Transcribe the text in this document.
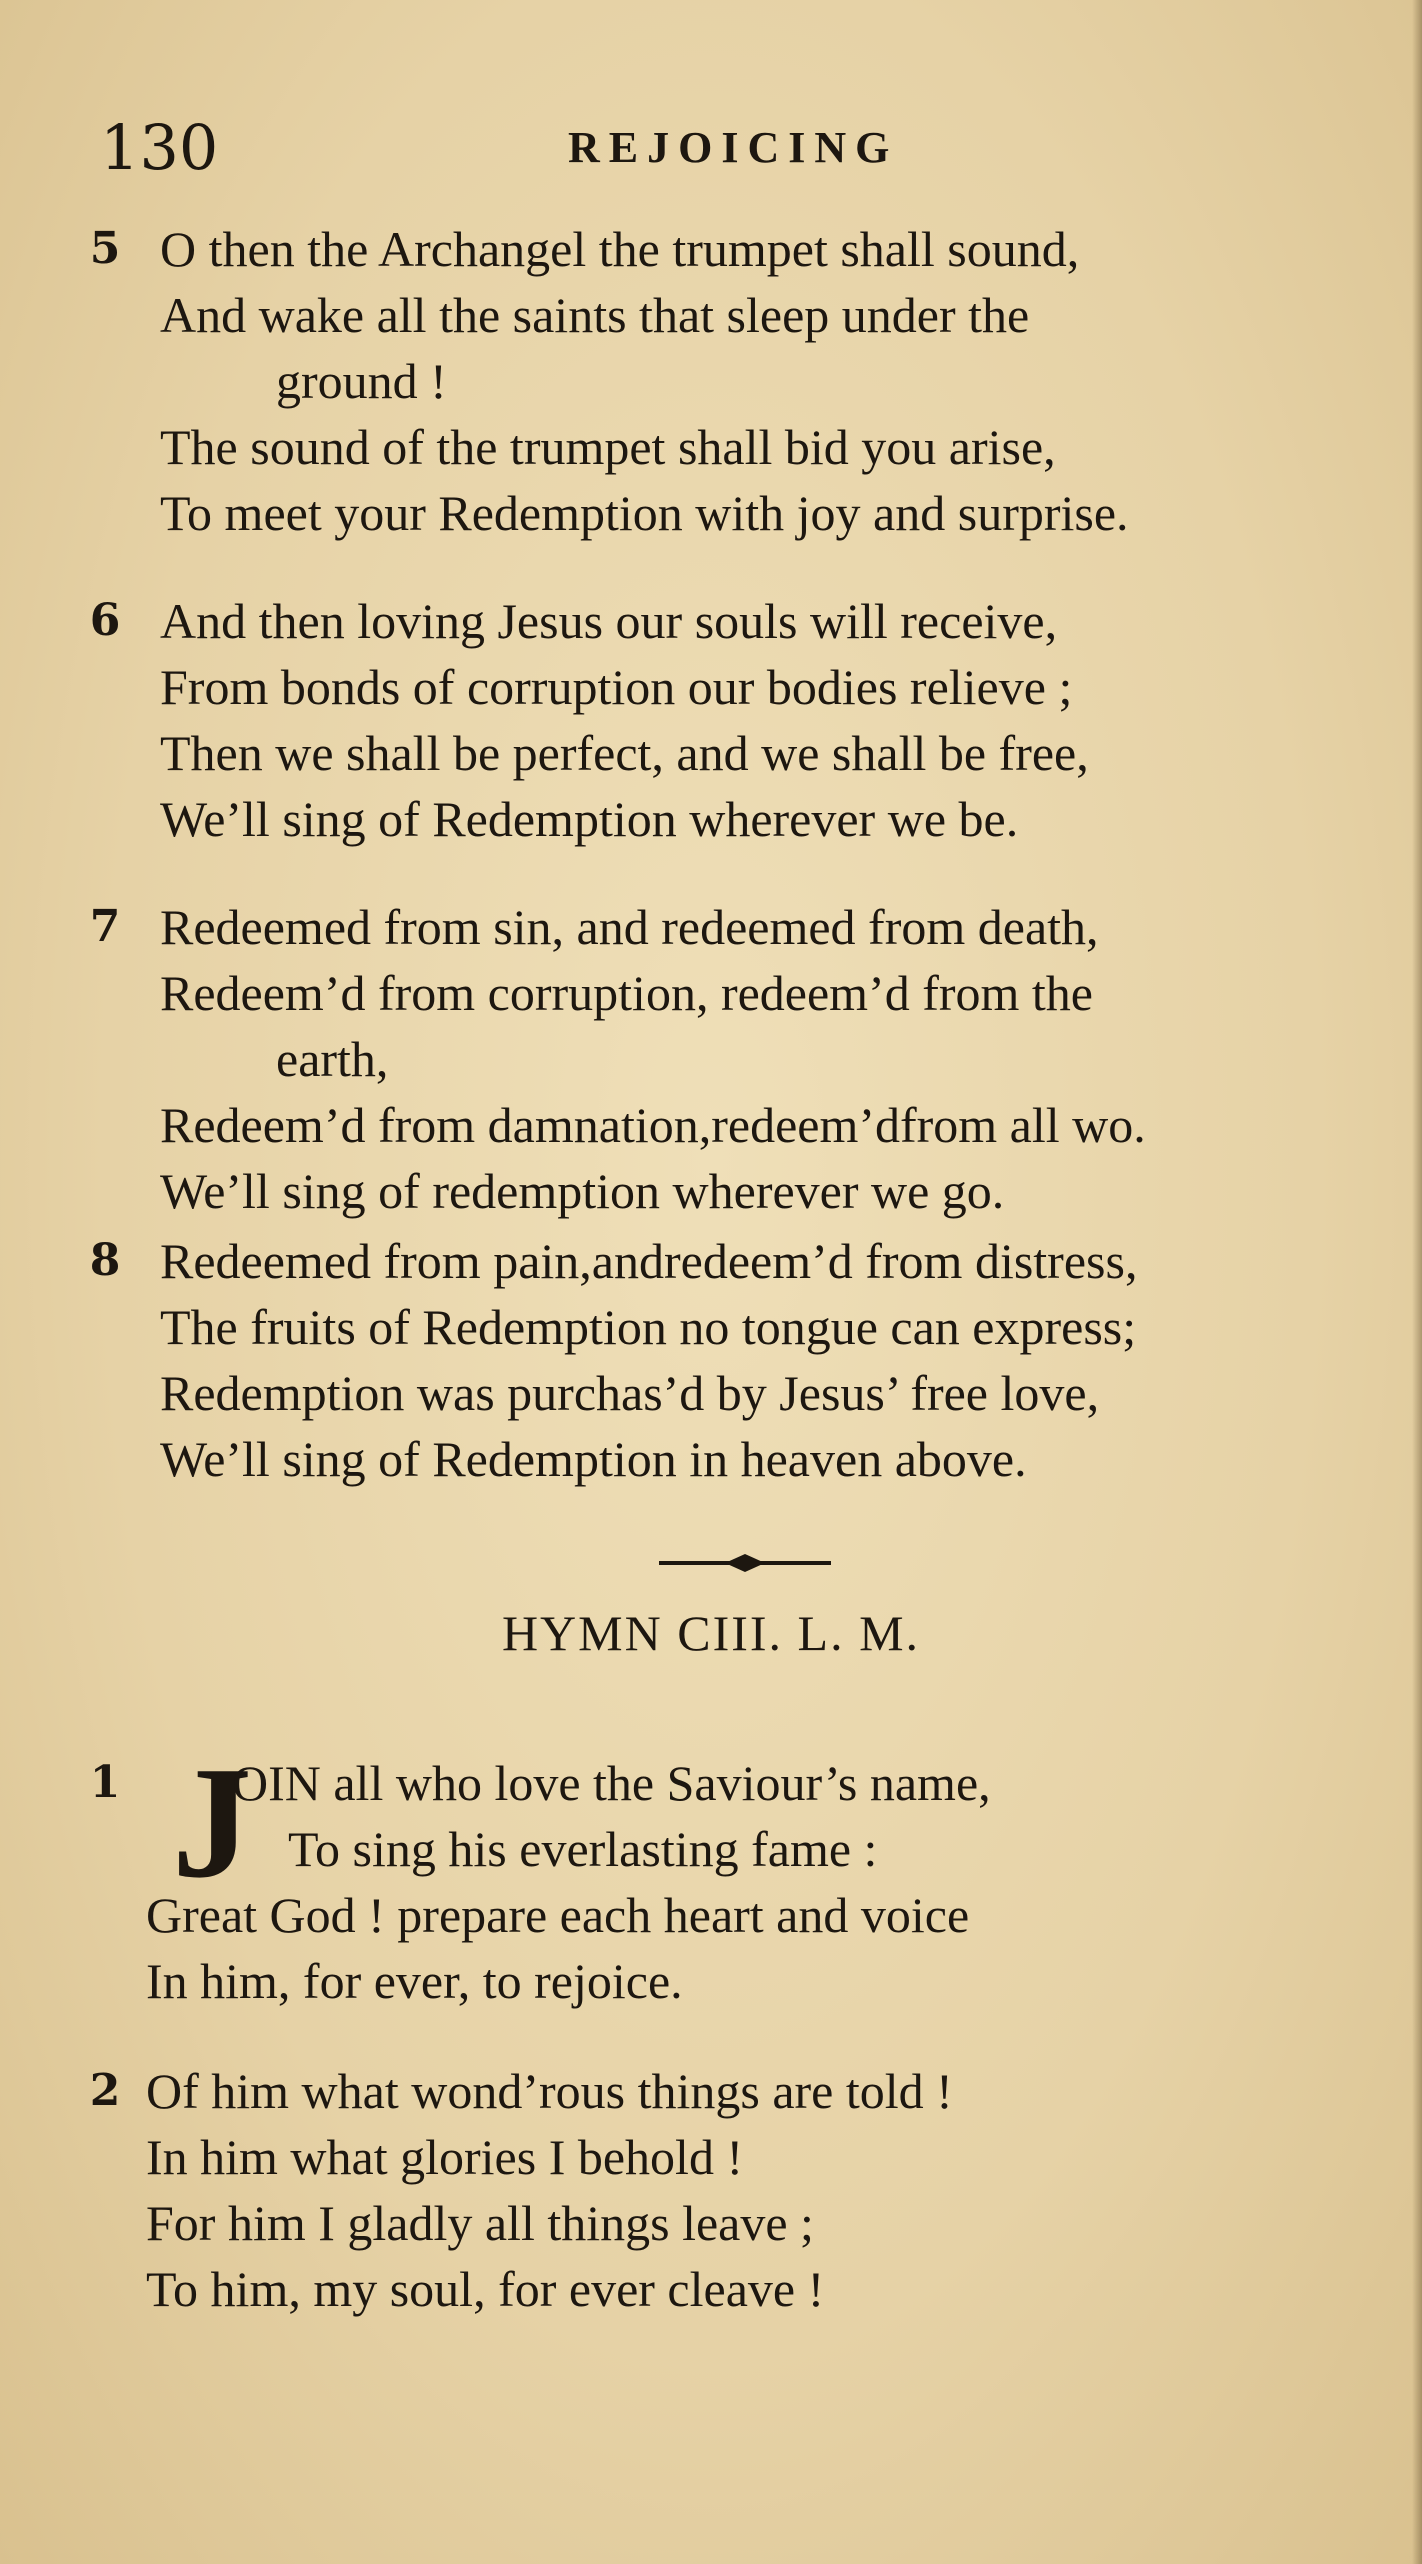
130	REJOICING
5 O then the Archangel the trumpet shall sound,
And wake all the saints that sleep under the
ground !
The sound of the trumpet shall bid you arise,
To meet your Redemption with joy and surprise.
6 And then loving Jesus our souls will receive,
From bonds of corruption our bodies relieve ;
Then we shall be perfect, and we shall be free,
We’ll sing of Redemption wherever we be.
7 Redeemed from sin, and redeemed from death,
Redeem’d from corruption, redeem’d from the
earth,
Redeem’d from damnation,redeem’dfrom all wo.
We’ll sing of redemption wherever we go.
8 Redeemed from pain,andredeem’d from distress,
The fruits of Redemption no tongue can express;
Redemption was purchas’d by Jesus’ free love,
We’ll sing of Redemption in heaven above.
HYMN CIII. L. M.
J
1	OIN all who love the Saviour’s name,
To sing his everlasting fame :
Great God ! prepare each heart and voice
In him, for ever, to rejoice.
2 Of him what wond’rous things are told !
In him what glories I behold !
For him I gladly all things leave ;
To him, my soul, for ever cleave !
